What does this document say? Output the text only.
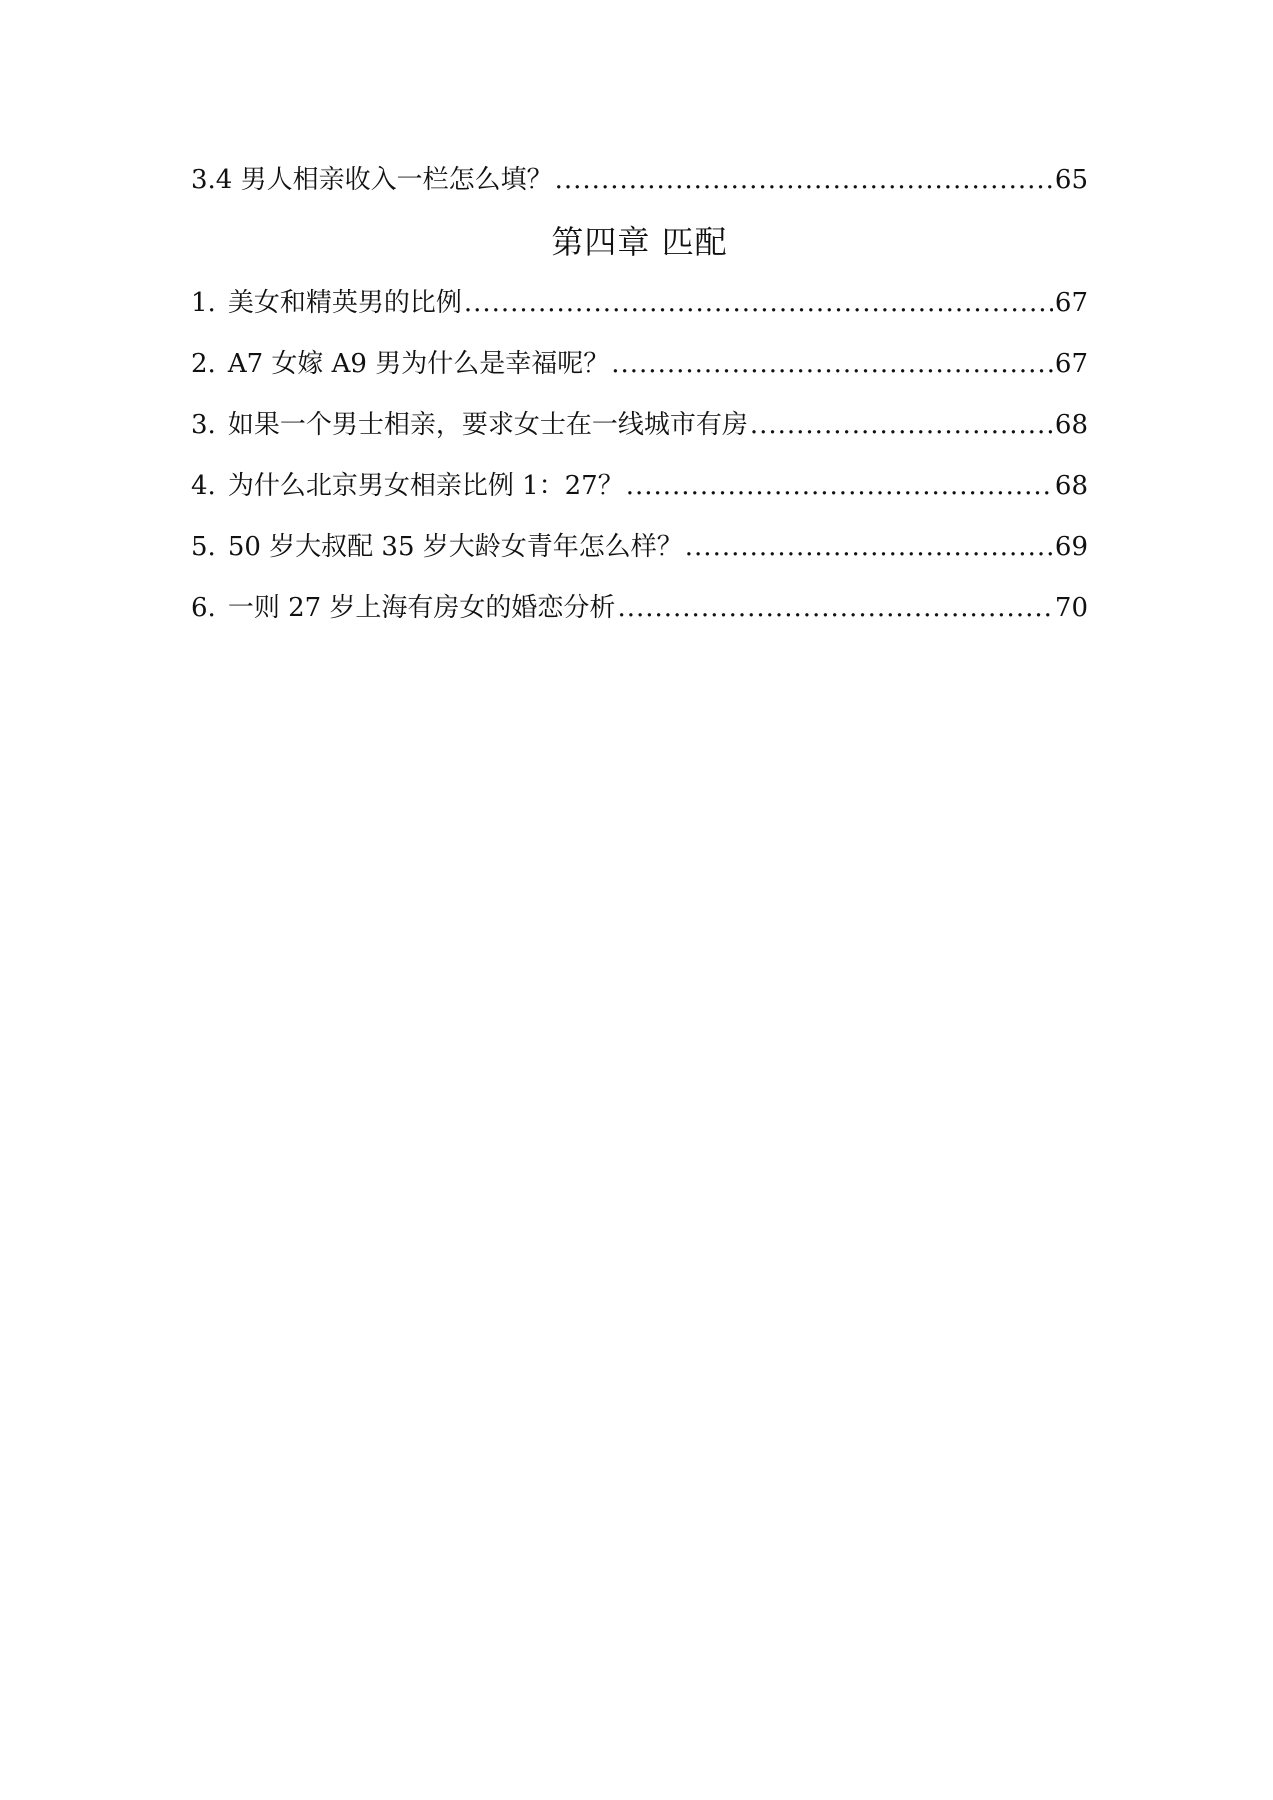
3.4 男人相亲收入一栏怎么填？ .....	65
第四章 匹配
1. 美女和精英男的比例 .....	67
2. A7 女嫁 A9 男为什么是幸福呢？ .....	67
3. 如果一个男士相亲，要求女士在一线城市有房 .....	68
4. 为什么北京男女相亲比例 1：27？ .....	68
5. 50 岁大叔配 35 岁大龄女青年怎么样？ .....	69
6. 一则 27 岁上海有房女的婚恋分析 .....	70
